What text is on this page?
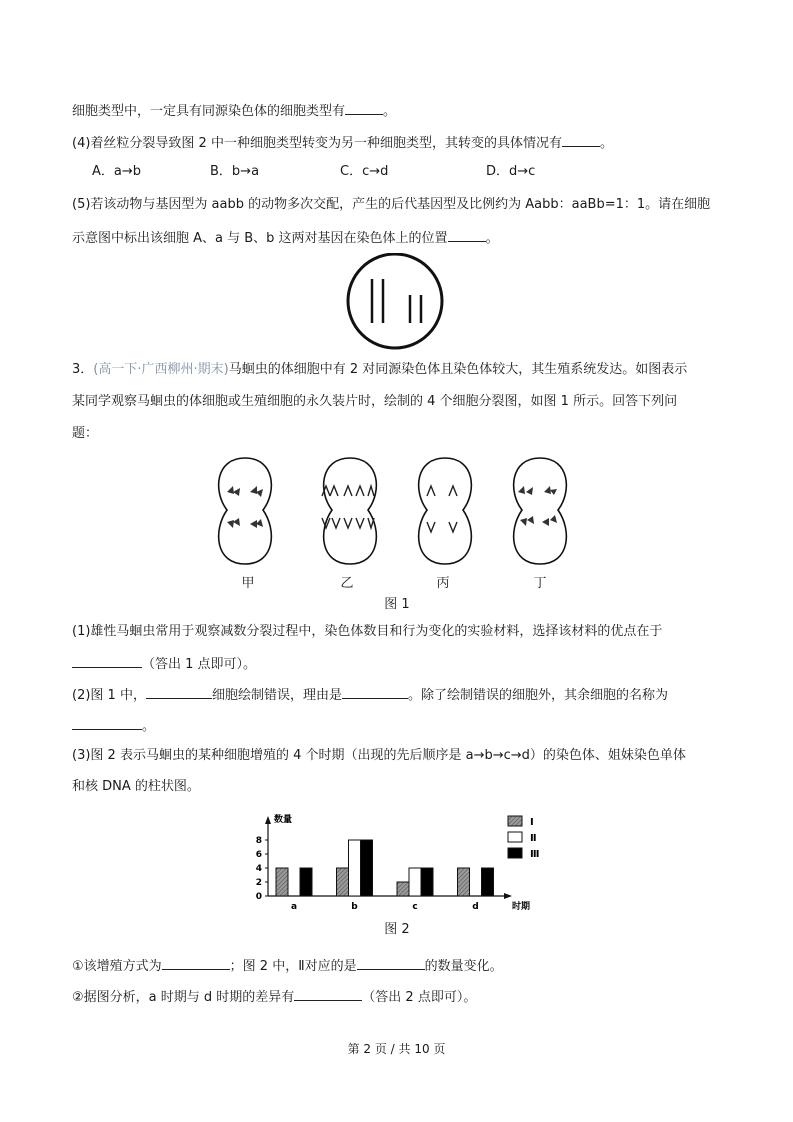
细胞类型中，一定具有同源染色体的细胞类型有	。
(4)着丝粒分裂导致图 2 中一种细胞类型转变为另一种细胞类型，其转变的具体情况有	。
A．a→b	B．b→a	C．c→d	D．d→c
(5)若该动物与基因型为 aabb 的动物多次交配，产生的后代基因型及比例约为 Aabb：aaBb=1：1。请在细胞
示意图中标出该细胞 A、a 与 B、b 这两对基因在染色体上的位置	。
3．(高一下·广西柳州·期末)马蛔虫的体细胞中有 2 对同源染色体且染色体较大，其生殖系统发达。如图表示
某同学观察马蛔虫的体细胞或生殖细胞的永久装片时，绘制的 4 个细胞分裂图，如图 1 所示。回答下列问
题：
甲	乙	丙	丁
图 1
(1)雄性马蛔虫常用于观察减数分裂过程中，染色体数目和行为变化的实验材料，选择该材料的优点在于
（答出 1 点即可）。
(2)图 1 中，	细胞绘制错误，理由是	。除了绘制错误的细胞外，其余细胞的名称为
。
(3)图 2 表示马蛔虫的某种细胞增殖的 4 个时期（出现的先后顺序是 a→b→c→d）的染色体、姐妹染色单体
和核 DNA 的柱状图。
数量
时期
0
2
4
6
8
a	b	c	d
Ⅰ
Ⅱ
Ⅲ
图 2
①该增殖方式为	；图 2 中，Ⅱ对应的是	的数量变化。
②据图分析，a 时期与 d 时期的差异有	（答出 2 点即可）。
第 2 页 / 共 10 页
